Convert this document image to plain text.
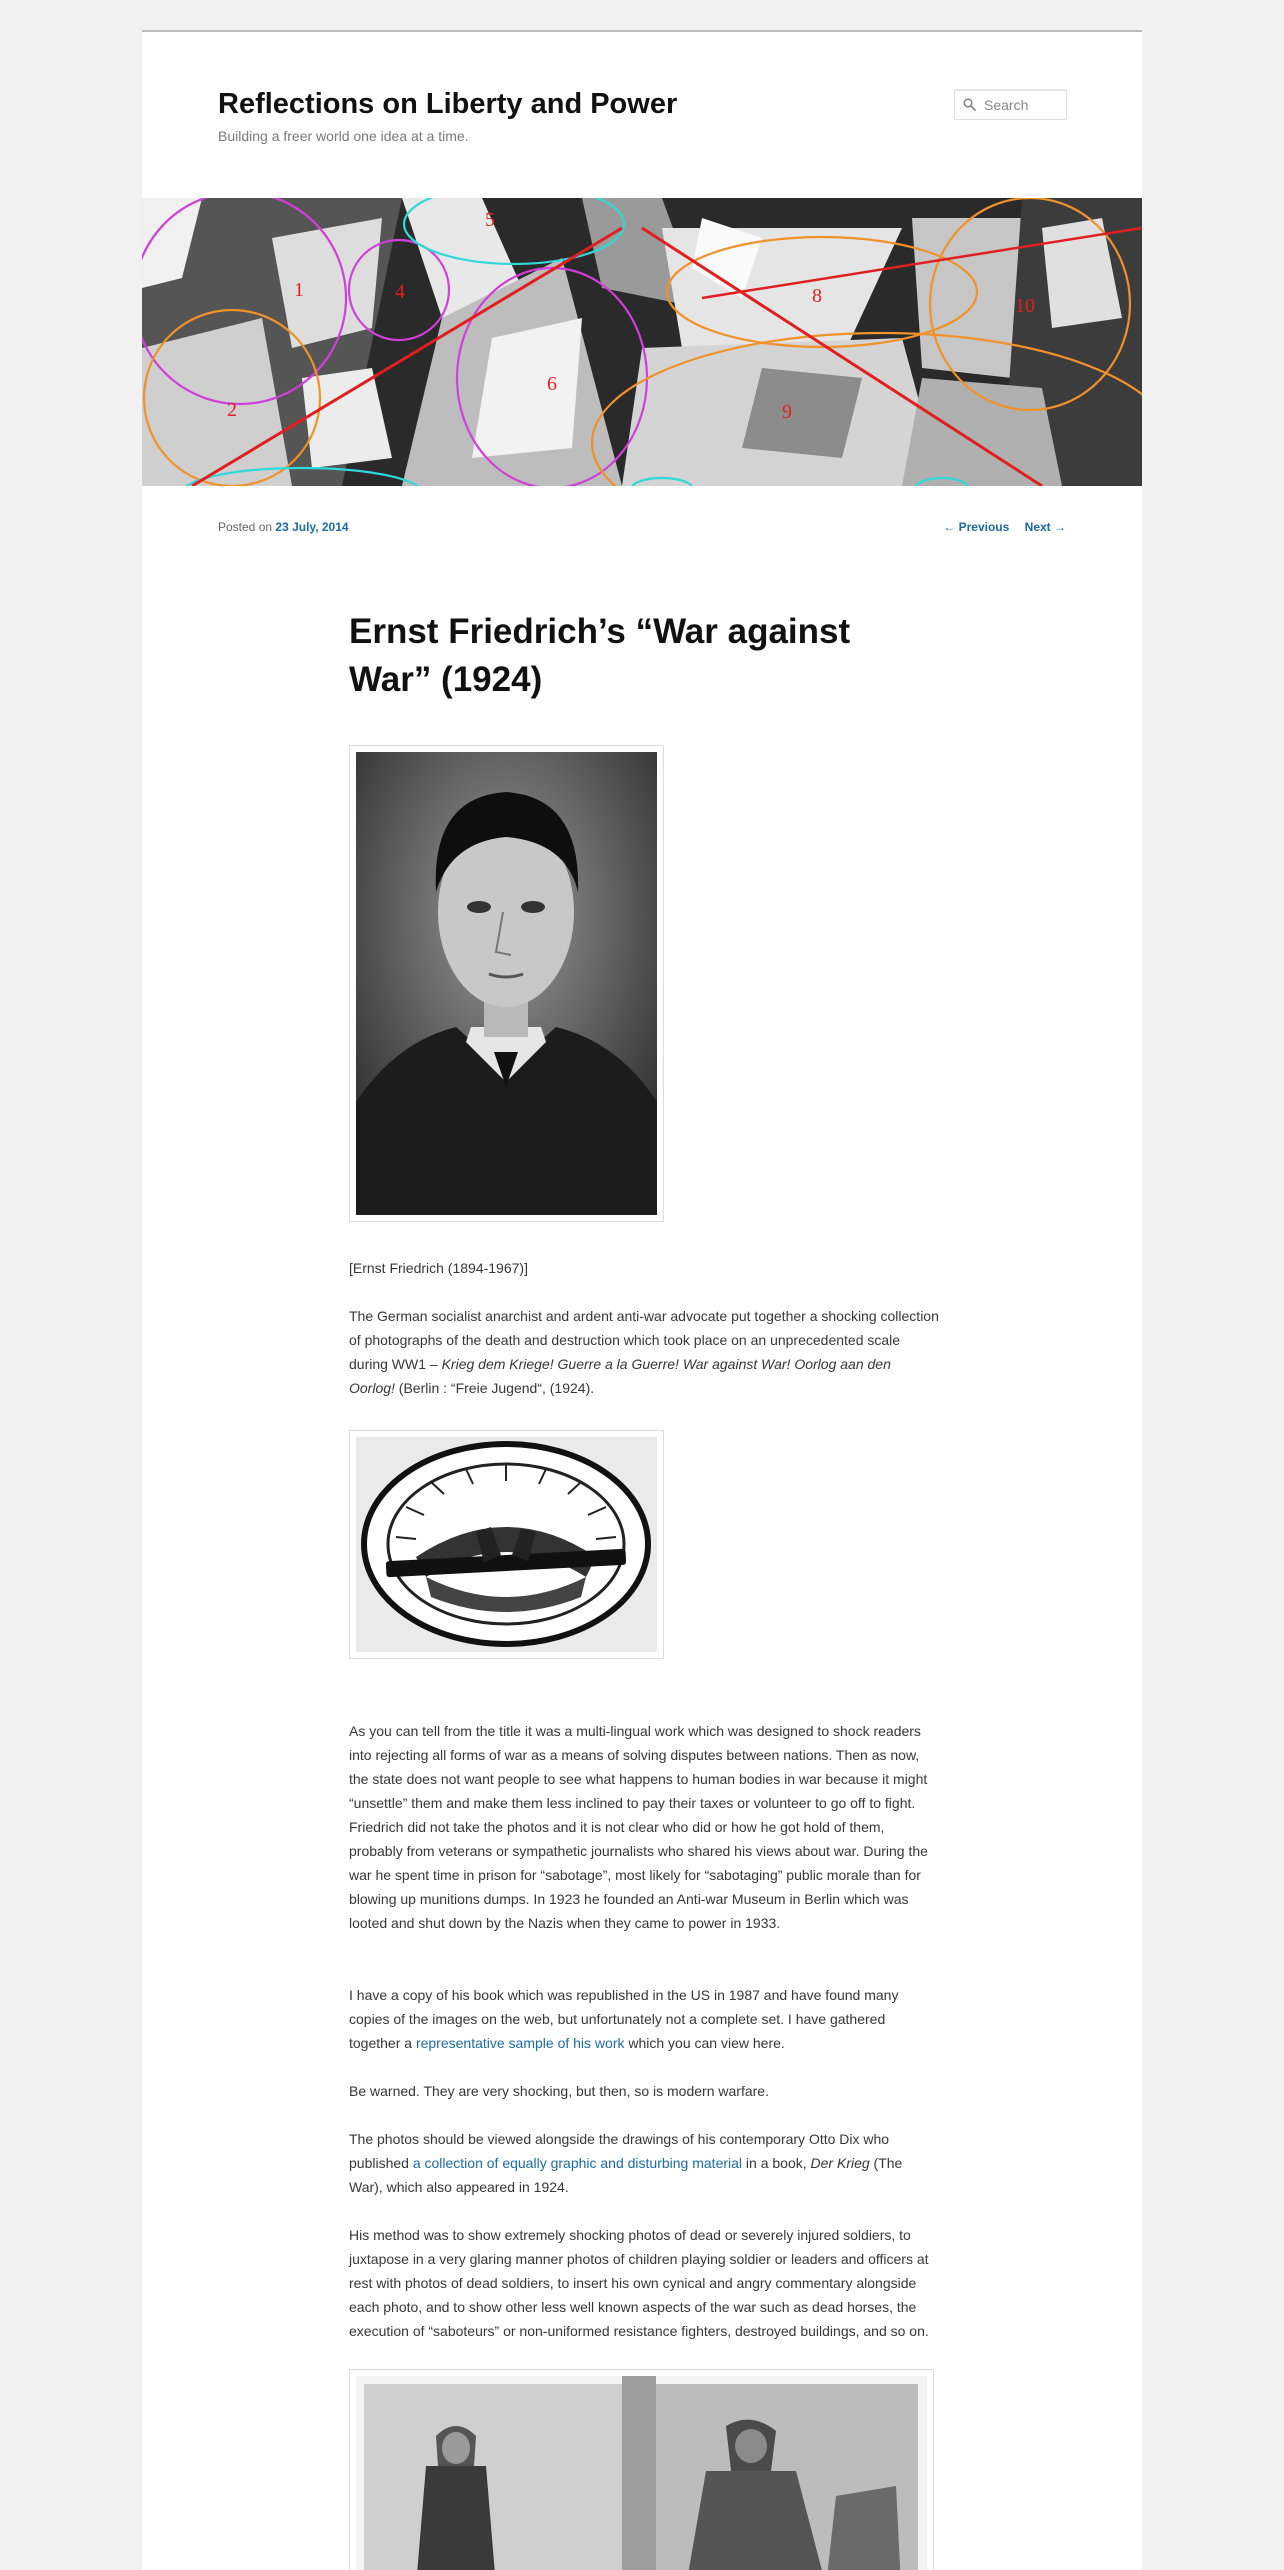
Reflections on Liberty and Power

Building a freer world one idea at a time.

Search
5
1	4	8	10
6
2	9
Posted on 23 July, 2014	← Previous Next →
Ernst Friedrich’s “War against War” (1924)

[Ernst Friedrich (1894-1967)]

The German socialist anarchist and ardent anti-war advocate put together a shocking collection of photographs of the death and destruction which took place on an unprecedented scale during WW1 – Krieg dem Kriege! Guerre a la Guerre! War against War! Oorlog aan den Oorlog! (Berlin : “Freie Jugend“, (1924).

As you can tell from the title it was a multi-lingual work which was designed to shock readers into rejecting all forms of war as a means of solving disputes between nations. Then as now, the state does not want people to see what happens to human bodies in war because it might “unsettle” them and make them less inclined to pay their taxes or volunteer to go off to fight. Friedrich did not take the photos and it is not clear who did or how he got hold of them, probably from veterans or sympathetic journalists who shared his views about war. During the war he spent time in prison for “sabotage”, most likely for “sabotaging” public morale than for blowing up munitions dumps. In 1923 he founded an Anti-war Museum in Berlin which was looted and shut down by the Nazis when they came to power in 1933.

I have a copy of his book which was republished in the US in 1987 and have found many copies of the images on the web, but unfortunately not a complete set. I have gathered together a representative sample of his work which you can view here.

Be warned. They are very shocking, but then, so is modern warfare.

The photos should be viewed alongside the drawings of his contemporary Otto Dix who published a collection of equally graphic and disturbing material in a book, Der Krieg (The War), which also appeared in 1924.

His method was to show extremely shocking photos of dead or severely injured soldiers, to juxtapose in a very glaring manner photos of children playing soldier or leaders and officers at rest with photos of dead soldiers, to insert his own cynical and angry commentary alongside each photo, and to show other less well known aspects of the war such as dead horses, the execution of “saboteurs” or non-uniformed resistance fighters, destroyed buildings, and so on.
